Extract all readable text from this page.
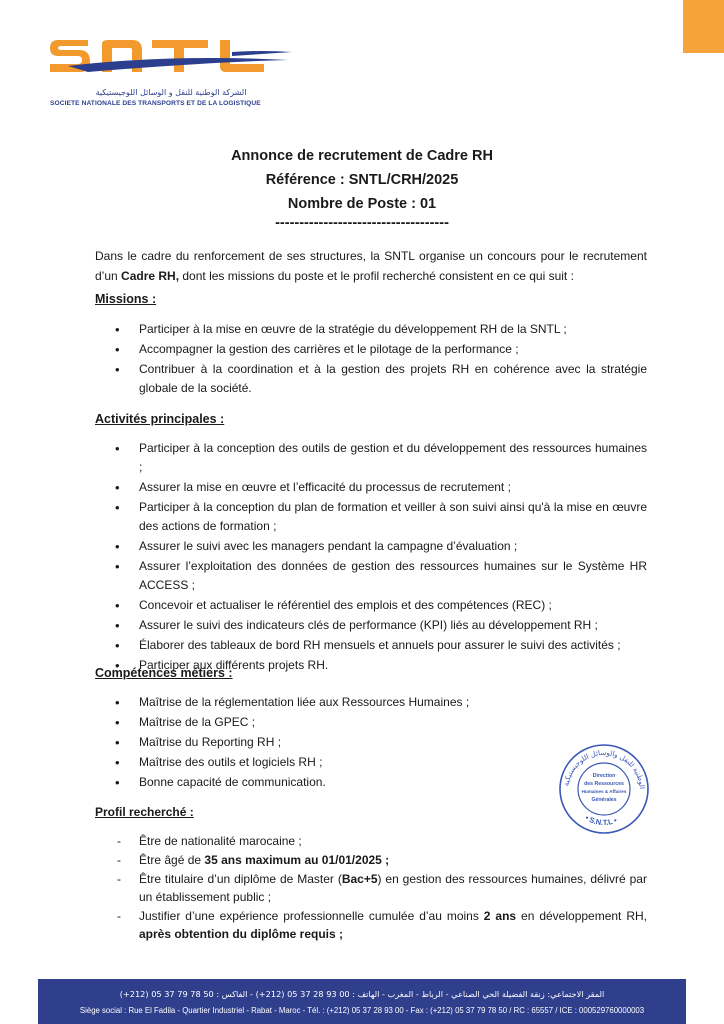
الشركة الوطنية للنقل و الوسائل اللوجيستيكية
SOCIETE NATIONALE DES TRANSPORTS ET DE LA LOGISTIQUE
Annonce de recrutement de Cadre RH
Référence : SNTL/CRH/2025
Nombre de Poste : 01
------------------------------------
Dans le cadre du renforcement de ses structures, la SNTL organise un concours pour le recrutement d’un Cadre RH, dont les missions du poste et le profil recherché consistent en ce qui suit :
Missions :
• Participer à la mise en œuvre de la stratégie du développement RH de la SNTL ;
• Accompagner la gestion des carrières et le pilotage de la performance ;
• Contribuer à la coordination et à la gestion des projets RH en cohérence avec la stratégie globale de la société.
Activités principales :
• Participer à la conception des outils de gestion et du développement des ressources humaines ;
• Assurer la mise en œuvre et l’efficacité du processus de recrutement ;
• Participer à la conception du plan de formation et veiller à son suivi ainsi qu'à la mise en œuvre des actions de formation ;
• Assurer le suivi avec les managers pendant la campagne d’évaluation ;
• Assurer l’exploitation des données de gestion des ressources humaines sur le Système HR ACCESS ;
• Concevoir et actualiser le référentiel des emplois et des compétences (REC) ;
• Assurer le suivi des indicateurs clés de performance (KPI) liés au développement RH ;
• Élaborer des tableaux de bord RH mensuels et annuels pour assurer le suivi des activités ;
• Participer aux différents projets RH.
Compétences métiers :
• Maîtrise de la réglementation liée aux Ressources Humaines ;
• Maîtrise de la GPEC ;
• Maîtrise du Reporting RH ;
• Maîtrise des outils et logiciels RH ;
• Bonne capacité de communication.
Profil recherché :
- Être de nationalité marocaine ;
- Être âgé de 35 ans maximum au 01/01/2025 ;
- Être titulaire d’un diplôme de Master (Bac+5) en gestion des ressources humaines, délivré par un établissement public ;
- Justifier d’une expérience professionnelle cumulée d’au moins 2 ans en développement RH, après obtention du diplôme requis ;
الوطنية للنقل والوسائل اللوجيستيكية
Direction
des Ressources
Humaines & Affaires
Générales
• S.N.T.L •
المقر الاجتماعي: زنقة الفضيلة الحي الصناعي - الرباط - المغرب - الهاتف : 00 93 28 37 05 (212+) - الفاكس : 50 78 79 37 05 (212+)
Siège social : Rue El Fadila - Quartier Industriel - Rabat - Maroc - Tél. : (+212) 05 37 28 93 00 - Fax : (+212) 05 37 79 78 50 / RC : 65557 / ICE : 000529760000003
